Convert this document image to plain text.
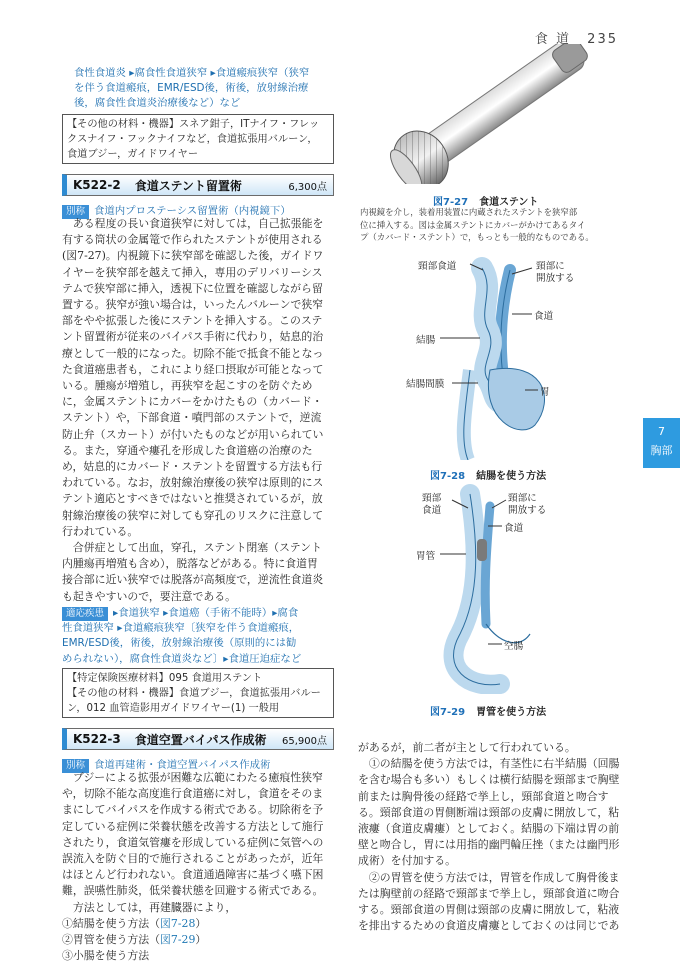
食 道 235
7
胸部
食性食道炎 ▸腐食性食道狭窄 ▸食道瘢痕狭窄（狭窄
を伴う食道瘢痕，EMR/ESD後，術後，放射線治療
後，腐食性食道炎治療後など）など
【その他の材料・機器】スネア鉗子，ITナイフ・フレッ
クスナイフ・フックナイフなど，食道拡張用バルーン，
食道ブジー，ガイドワイヤー
K522-2 食道ステント留置術	6,300点
別称 食道内プロステーシス留置術（内視鏡下）
　ある程度の長い食道狭窄に対しては，自己拡張能を
有する筒状の金属篭で作られたステントが使用される
(図7-27)。内視鏡下に狭窄部を確認した後，ガイドワ
イヤーを狭窄部を越えて挿入，専用のデリバリーシス
テムで狭窄部に挿入，透視下に位置を確認しながら留
置する。狭窄が強い場合は，いったんバルーンで狭窄
部をやや拡張した後にステントを挿入する。このステ
ント留置術が従来のバイパス手術に代わり，姑息的治
療として一般的になった。切除不能で抵食不能となっ
た食道癌患者も，これにより経口摂取が可能となって
いる。腫瘍が増殖し，再狭窄を起こすのを防ぐため
に，金属ステントにカバーをかけたもの（カバード・
ステント）や，下部食道・噴門部のステントで，逆流
防止弁（スカート）が付いたものなどが用いられてい
る。また，穿通や瘻孔を形成した食道癌の治療のた
め，姑息的にカバード・ステントを留置する方法も行
われている。なお，放射線治療後の狭窄は原則的にス
テント適応とすべきではないと推奨されているが，放
射線治療後の狭窄に対しても穿孔のリスクに注意して
行われている。
　合併症として出血，穿孔，ステント閉塞（ステント
内腫瘍再増殖も含め），脱落などがある。特に食道胃
接合部に近い狭窄では脱落が高頻度で，逆流性食道炎
も起きやすいので，要注意である。
適応疾患 ▸食道狭窄 ▸食道癌（手術不能時）▸腐食
性食道狭窄 ▸食道瘢痕狭窄〔狭窄を伴う食道瘢痕，
EMR/ESD後，術後，放射線治療後（原則的には勧
められない），腐食性食道炎など〕▸食道圧迫症など
【特定保険医療材料】095 食道用ステント
【その他の材料・機器】食道ブジー，食道拡張用バルー
ン，012 血管造影用ガイドワイヤー(1) 一般用
K522-3 食道空置バイパス作成術 65,900点
別称 食道再建術・食道空置バイパス作成術
　ブジーによる拡張が困難な広範にわたる癒痕性狭窄
や，切除不能な高度進行食道癌に対し，食道をそのま
まにしてバイパスを作成する術式である。切除術を予
定している症例に栄養状態を改善する方法として施行
されたり，食道気管瘻を形成している症例に気管への
誤流入を防ぐ目的で施行されることがあったが，近年
はほとんど行われない。食道通過障害に基づく嚥下困
難，誤嚥性肺炎，低栄養状態を回避する術式である。
　方法としては，再建臓器により，
①結腸を使う方法（図7-28）
②胃管を使う方法（図7-29）
③小腸を使う方法
図7-27 食道ステント
内視鏡を介し，装着用装置に内蔵されたステントを狭窄部
位に挿入する。図は金属ステントにカバーがかけてあるタイ
プ（カバード・ステント）で，もっとも一般的なものである。
頸部食道	頸部に
開放する
食道
結腸
結腸間膜
胃
図7-28 結腸を使う方法
頸部
食道
頸部に
開放する
食道
胃管
空腸
図7-29 胃管を使う方法
があるが，前二者が主として行われている。
　①の結腸を使う方法では，有茎性に右半結腸（回腸
を含む場合も多い）もしくは横行結腸を頸部まで胸壁
前または胸骨後の経路で挙上し，頸部食道と吻合す
る。頸部食道の胃側断端は頸部の皮膚に開放して，粘
液瘻（食道皮膚瘻）としておく。結腸の下端は胃の前
壁と吻合し，胃には用指的幽門輪圧挫（または幽門形
成術）を付加する。
　②の胃管を使う方法では，胃管を作成して胸骨後ま
たは胸壁前の経路で頸部まで挙上し，頸部食道に吻合
する。頸部食道の胃側は頸部の皮膚に開放して，粘液
を排出するための食道皮膚瘻としておくのは同じであ
